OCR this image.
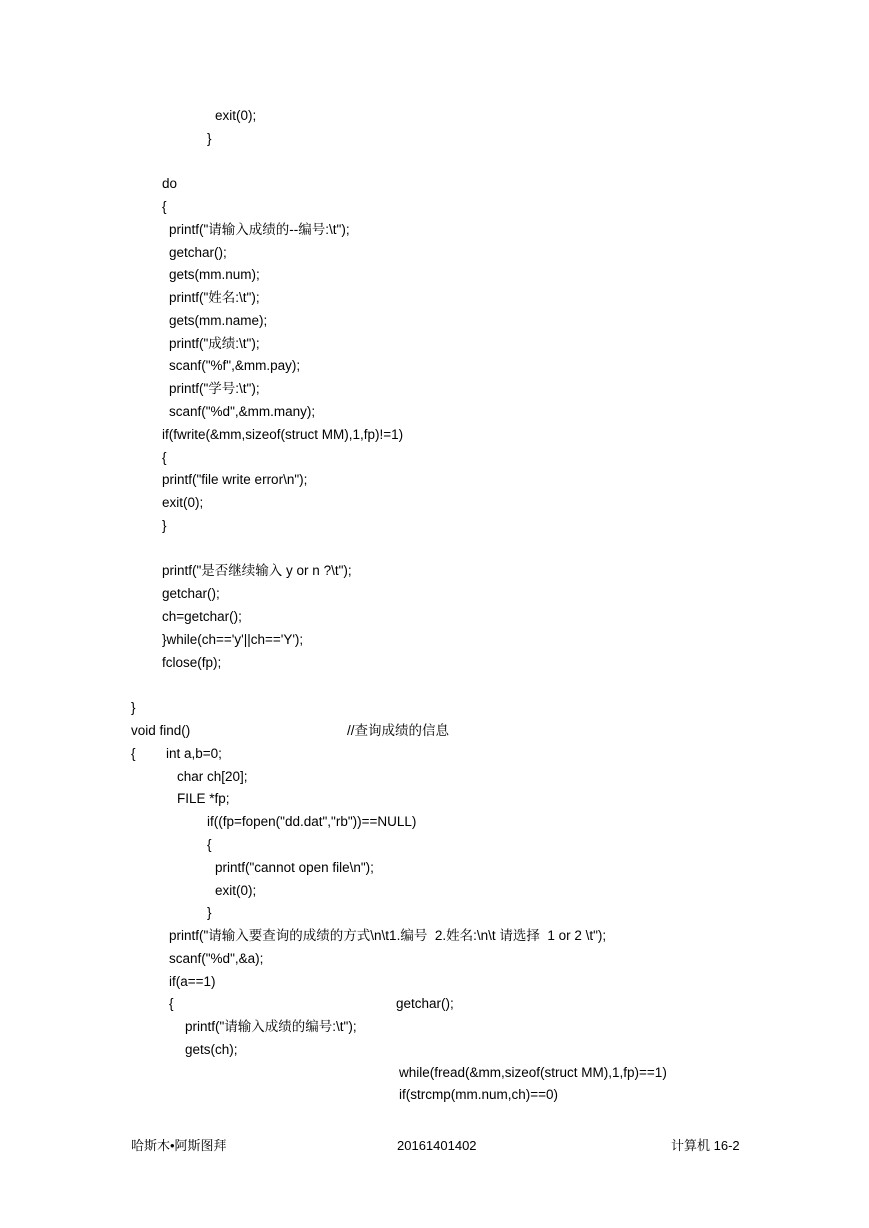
exit(0);
}
do
{
printf("请输入成绩的--编号:\t");
getchar();
gets(mm.num);
printf("姓名:\t");
gets(mm.name);
printf("成绩:\t");
scanf("%f",&mm.pay);
printf("学号:\t");
scanf("%d",&mm.many);
if(fwrite(&mm,sizeof(struct MM),1,fp)!=1)
{
printf("file write error\n");
exit(0);
}
printf("是否继续输入 y or n ?\t");
getchar();
ch=getchar();
}while(ch=='y'||ch=='Y');
fclose(fp);
}
void find()	//查询成绩的信息
{ int a,b=0;
char ch[20];
FILE *fp;
if((fp=fopen("dd.dat","rb"))==NULL)
{
printf("cannot open file\n");
exit(0);
}
printf("请输入要查询的成绩的方式\n\t1.编号  2.姓名:\n\t 请选择  1 or 2 \t");
scanf("%d",&a);
if(a==1)
{	getchar();
printf("请输入成绩的编号:\t");
gets(ch);
while(fread(&mm,sizeof(struct MM),1,fp)==1)
if(strcmp(mm.num,ch)==0)
哈斯木•阿斯图拜	20161401402	计算机 16-2
